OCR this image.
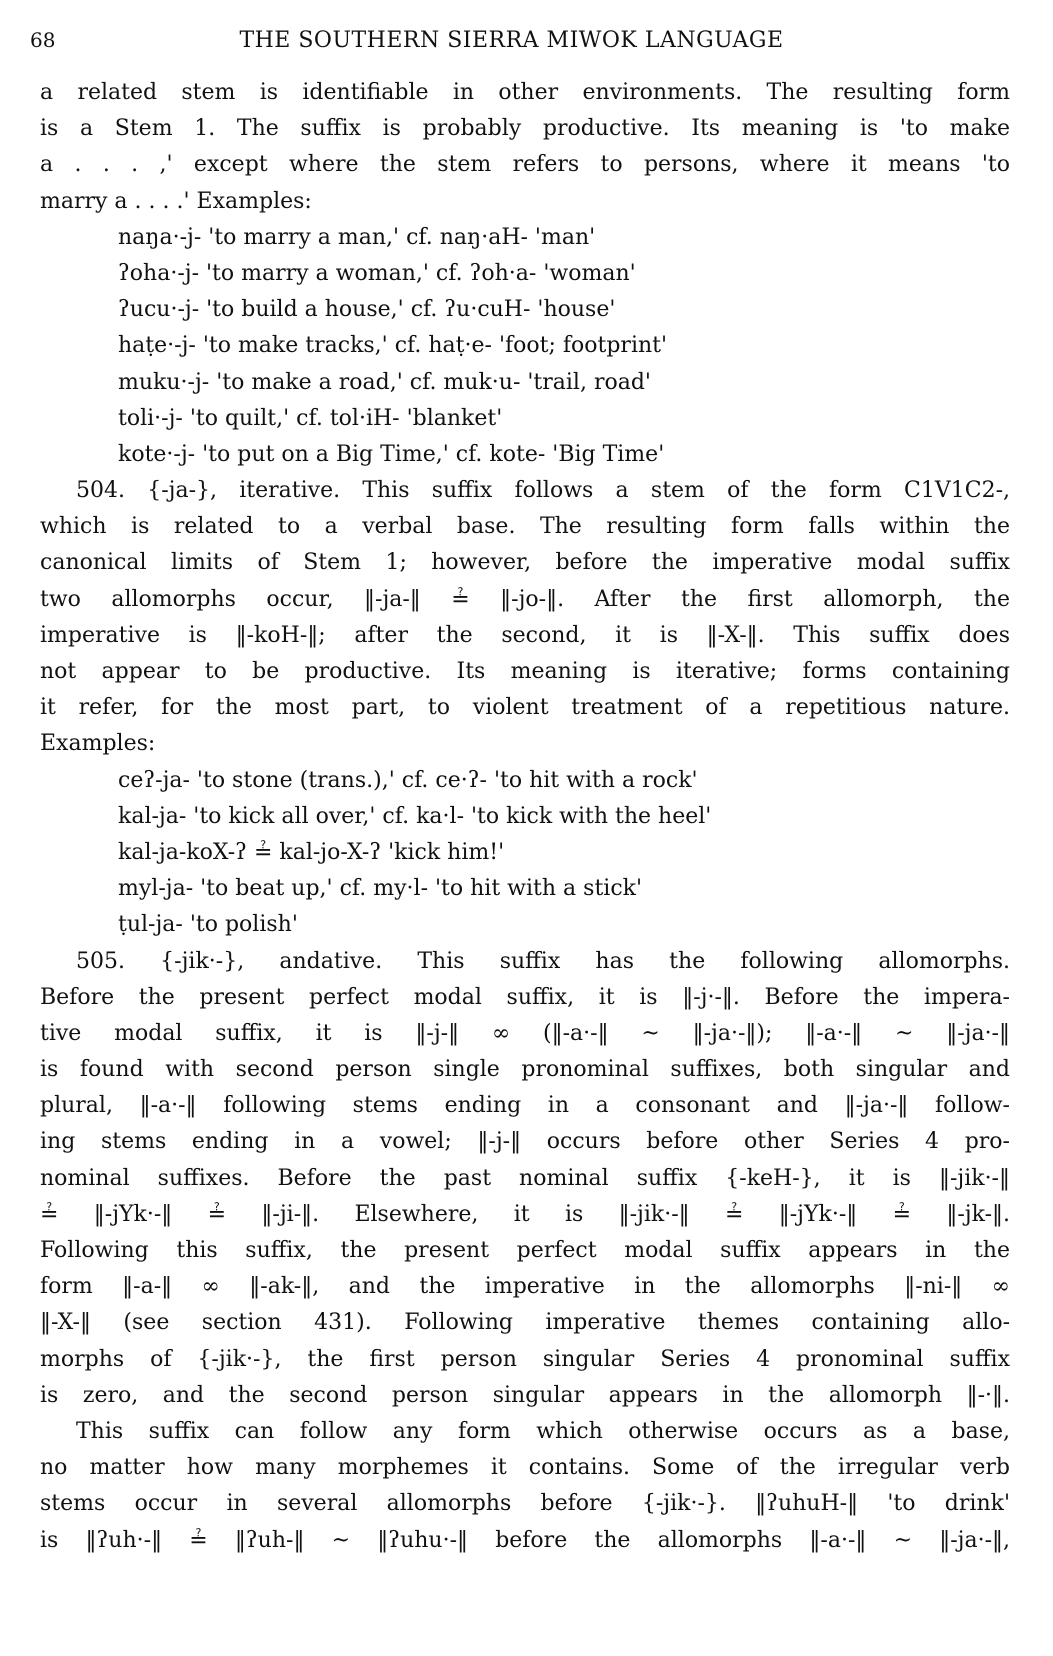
68	THE SOUTHERN SIERRA MIWOK LANGUAGE
a related stem is identifiable in other environments. The resulting form
is a Stem 1. The suffix is probably productive. Its meaning is 'to make
a . . . ,' except where the stem refers to persons, where it means 'to
marry a . . . .' Examples:
naŋa·-j- 'to marry a man,' cf. naŋ·aH- 'man'
ʔoha·-j- 'to marry a woman,' cf. ʔoh·a- 'woman'
ʔucu·-j- 'to build a house,' cf. ʔu·cuH- 'house'
haṭe·-j- 'to make tracks,' cf. haṭ·e- 'foot; footprint'
muku·-j- 'to make a road,' cf. muk·u- 'trail, road'
toli·-j- 'to quilt,' cf. tol·iH- 'blanket'
kote·-j- 'to put on a Big Time,' cf. kote- 'Big Time'
504. {-ja-}, iterative. This suffix follows a stem of the form C1V1C2-,
which is related to a verbal base. The resulting form falls within the
canonical limits of Stem 1; however, before the imperative modal suffix
two allomorphs occur, ‖-ja-‖ ≟ ‖-jo-‖. After the first allomorph, the
imperative is ‖-koH-‖; after the second, it is ‖-X-‖. This suffix does
not appear to be productive. Its meaning is iterative; forms containing
it refer, for the most part, to violent treatment of a repetitious nature.
Examples:
ceʔ-ja- 'to stone (trans.),' cf. ce·ʔ- 'to hit with a rock'
kal-ja- 'to kick all over,' cf. ka·l- 'to kick with the heel'
kal-ja-koX-ʔ ≟ kal-jo-X-ʔ 'kick him!'
myl-ja- 'to beat up,' cf. my·l- 'to hit with a stick'
ṭul-ja- 'to polish'
505. {-jik·-}, andative. This suffix has the following allomorphs.
Before the present perfect modal suffix, it is ‖-j·-‖. Before the impera-
tive modal suffix, it is ‖-j-‖ ∞ (‖-a·-‖ ~ ‖-ja·-‖); ‖-a·-‖ ~ ‖-ja·-‖
is found with second person single pronominal suffixes, both singular and
plural, ‖-a·-‖ following stems ending in a consonant and ‖-ja·-‖ follow-
ing stems ending in a vowel; ‖-j-‖ occurs before other Series 4 pro-
nominal suffixes. Before the past nominal suffix {-keH-}, it is ‖-jik·-‖
≟ ‖-jYk·-‖ ≟ ‖-ji-‖. Elsewhere, it is ‖-jik·-‖ ≟ ‖-jYk·-‖ ≟ ‖-jk-‖.
Following this suffix, the present perfect modal suffix appears in the
form ‖-a-‖ ∞ ‖-ak-‖, and the imperative in the allomorphs ‖-ni-‖ ∞
‖-X-‖ (see section 431). Following imperative themes containing allo-
morphs of {-jik·-}, the first person singular Series 4 pronominal suffix
is zero, and the second person singular appears in the allomorph ‖-·‖.
This suffix can follow any form which otherwise occurs as a base,
no matter how many morphemes it contains. Some of the irregular verb
stems occur in several allomorphs before {-jik·-}. ‖ʔuhuH-‖ 'to drink'
is ‖ʔuh·-‖ ≟ ‖ʔuh-‖ ~ ‖ʔuhu·-‖ before the allomorphs ‖-a·-‖ ~ ‖-ja·-‖,
